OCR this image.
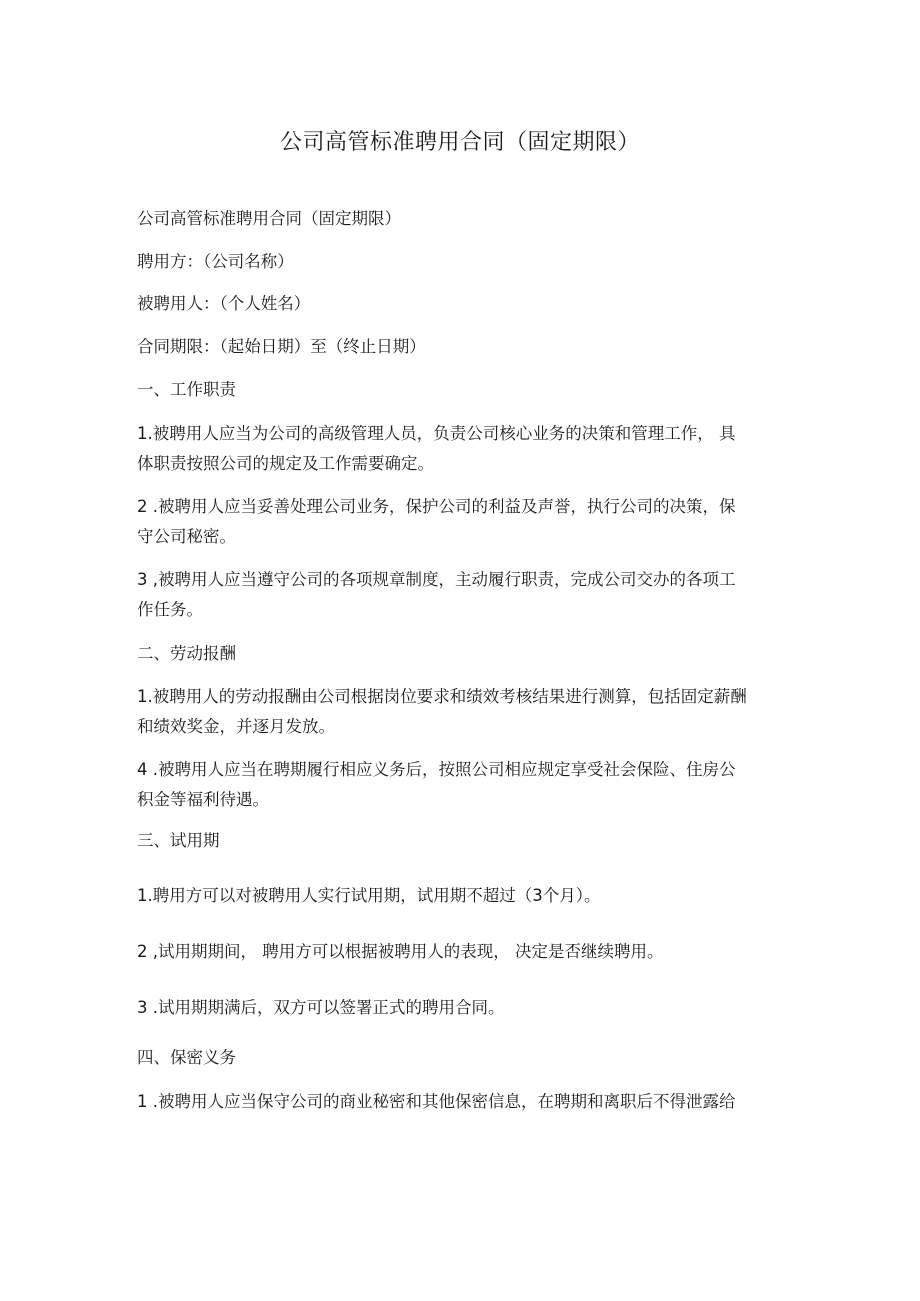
公司高管标准聘用合同（固定期限）
公司高管标准聘用合同（固定期限）
聘用方：（公司名称）
被聘用人：（个人姓名）
合同期限：（起始日期）至（终止日期）
一、工作职责
1.被聘用人应当为公司的高级管理人员，负责公司核心业务的决策和管理工作， 具
体职责按照公司的规定及工作需要确定。
2 .被聘用人应当妥善处理公司业务，保护公司的利益及声誉，执行公司的决策，保
守公司秘密。
3 ,被聘用人应当遵守公司的各项规章制度，主动履行职责，完成公司交办的各项工
作任务。
二、劳动报酬
1.被聘用人的劳动报酬由公司根据岗位要求和绩效考核结果进行测算，包括固定薪酬
和绩效奖金，并逐月发放。
4 .被聘用人应当在聘期履行相应义务后，按照公司相应规定享受社会保险、住房公
积金等福利待遇。
三、试用期
1.聘用方可以对被聘用人实行试用期，试用期不超过（3个月）。
2 ,试用期期间， 聘用方可以根据被聘用人的表现， 决定是否继续聘用。
3 .试用期期满后，双方可以签署正式的聘用合同。
四、保密义务
1 .被聘用人应当保守公司的商业秘密和其他保密信息，在聘期和离职后不得泄露给
